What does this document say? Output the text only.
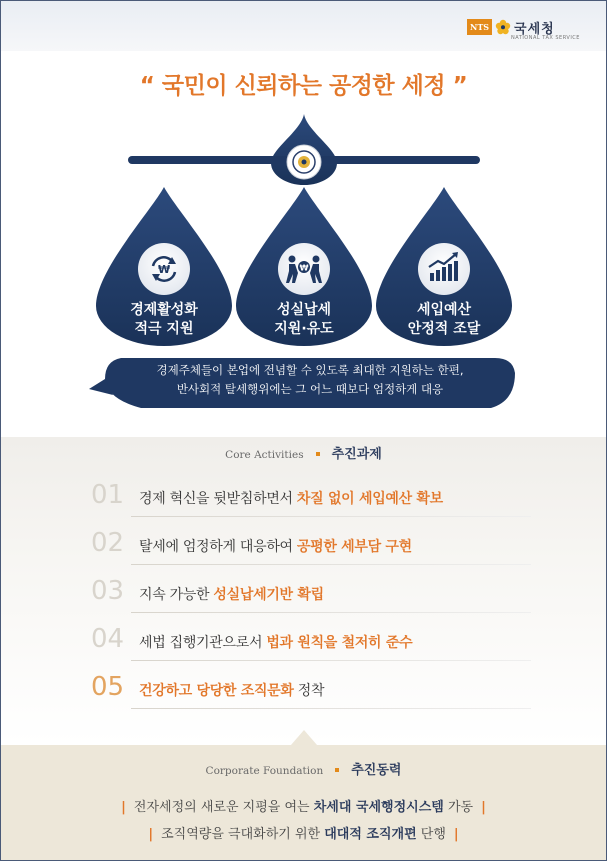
NTS 국세청
NATIONAL TAX SERVICE
“ 국민이 신뢰하는 공정한 세정 ”
₩	₩
경제활성화
적극 지원
성실납세
지원·유도
세입예산
안정적 조달
경제주체들이 본업에 전념할 수 있도록 최대한 지원하는 한편,
반사회적 탈세행위에는 그 어느 때보다 엄정하게 대응
Core Activities 추진과제
01 경제 혁신을 뒷받침하면서 차질 없이 세입예산 확보
02 탈세에 엄정하게 대응하여 공평한 세부담 구현
03 지속 가능한 성실납세기반 확립
04 세법 집행기관으로서 법과 원칙을 철저히 준수
05 건강하고 당당한 조직문화 정착
Corporate Foundation 추진동력
| 전자세정의 새로운 지평을 여는 차세대 국세행정시스템 가동 |
| 조직역량을 극대화하기 위한 대대적 조직개편 단행 |
